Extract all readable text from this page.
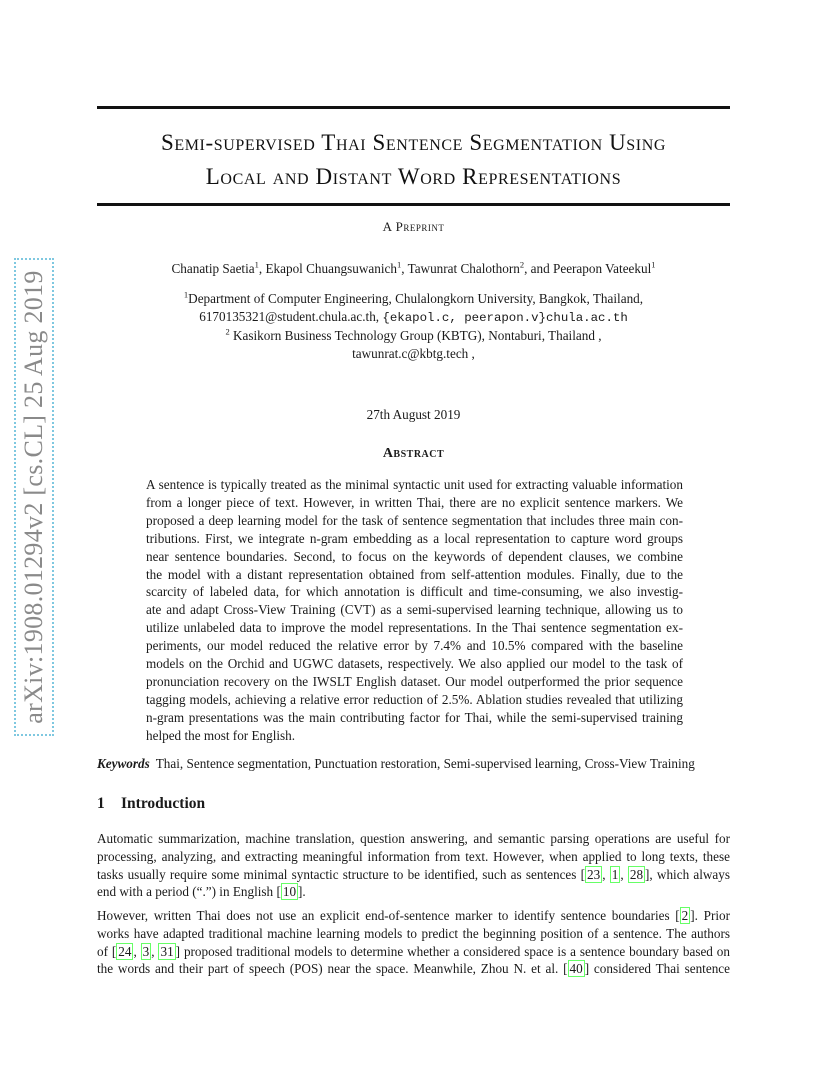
arXiv:1908.01294v2 [cs.CL] 25 Aug 2019
Semi-supervised Thai Sentence Segmentation Using
Local and Distant Word Representations
A Preprint
Chanatip Saetia$^1$, Ekapol Chuangsuwanich$^1$, Tawunrat Chalothorn$^2$, and Peerapon Vateekul$^1$
$^1$Department of Computer Engineering, Chulalongkorn University, Bangkok, Thailand,
6170135321@student.chula.ac.th, {ekapol.c, peerapon.v}chula.ac.th
$^2$ Kasikorn Business Technology Group (KBTG), Nontaburi, Thailand ,
tawunrat.c@kbtg.tech ,
27th August 2019
Abstract
A sentence is typically treated as the minimal syntactic unit used for extracting valuable information
from a longer piece of text. However, in written Thai, there are no explicit sentence markers. We
proposed a deep learning model for the task of sentence segmentation that includes three main con-
tributions. First, we integrate n-gram embedding as a local representation to capture word groups
near sentence boundaries. Second, to focus on the keywords of dependent clauses, we combine
the model with a distant representation obtained from self-attention modules. Finally, due to the
scarcity of labeled data, for which annotation is difficult and time-consuming, we also investig-
ate and adapt Cross-View Training (CVT) as a semi-supervised learning technique, allowing us to
utilize unlabeled data to improve the model representations. In the Thai sentence segmentation ex-
periments, our model reduced the relative error by 7.4% and 10.5% compared with the baseline
models on the Orchid and UGWC datasets, respectively. We also applied our model to the task of
pronunciation recovery on the IWSLT English dataset. Our model outperformed the prior sequence
tagging models, achieving a relative error reduction of 2.5%. Ablation studies revealed that utilizing
n-gram presentations was the main contributing factor for Thai, while the semi-supervised training
helped the most for English.
Keywords Thai, Sentence segmentation, Punctuation restoration, Semi-supervised learning, Cross-View Training
1 Introduction
Automatic summarization, machine translation, question answering, and semantic parsing operations are useful for
processing, analyzing, and extracting meaningful information from text. However, when applied to long texts, these
tasks usually require some minimal syntactic structure to be identified, such as sentences [ 23 , 1 , 28 ], which always
end with a period (“.”) in English [ 10 ].
However, written Thai does not use an explicit end-of-sentence marker to identify sentence boundaries [ 2 ]. Prior
works have adapted traditional machine learning models to predict the beginning position of a sentence. The authors
of [ 24 , 3 , 31 ] proposed traditional models to determine whether a considered space is a sentence boundary based on
the words and their part of speech (POS) near the space. Meanwhile, Zhou N. et al. [ 40 ] considered Thai sentence
